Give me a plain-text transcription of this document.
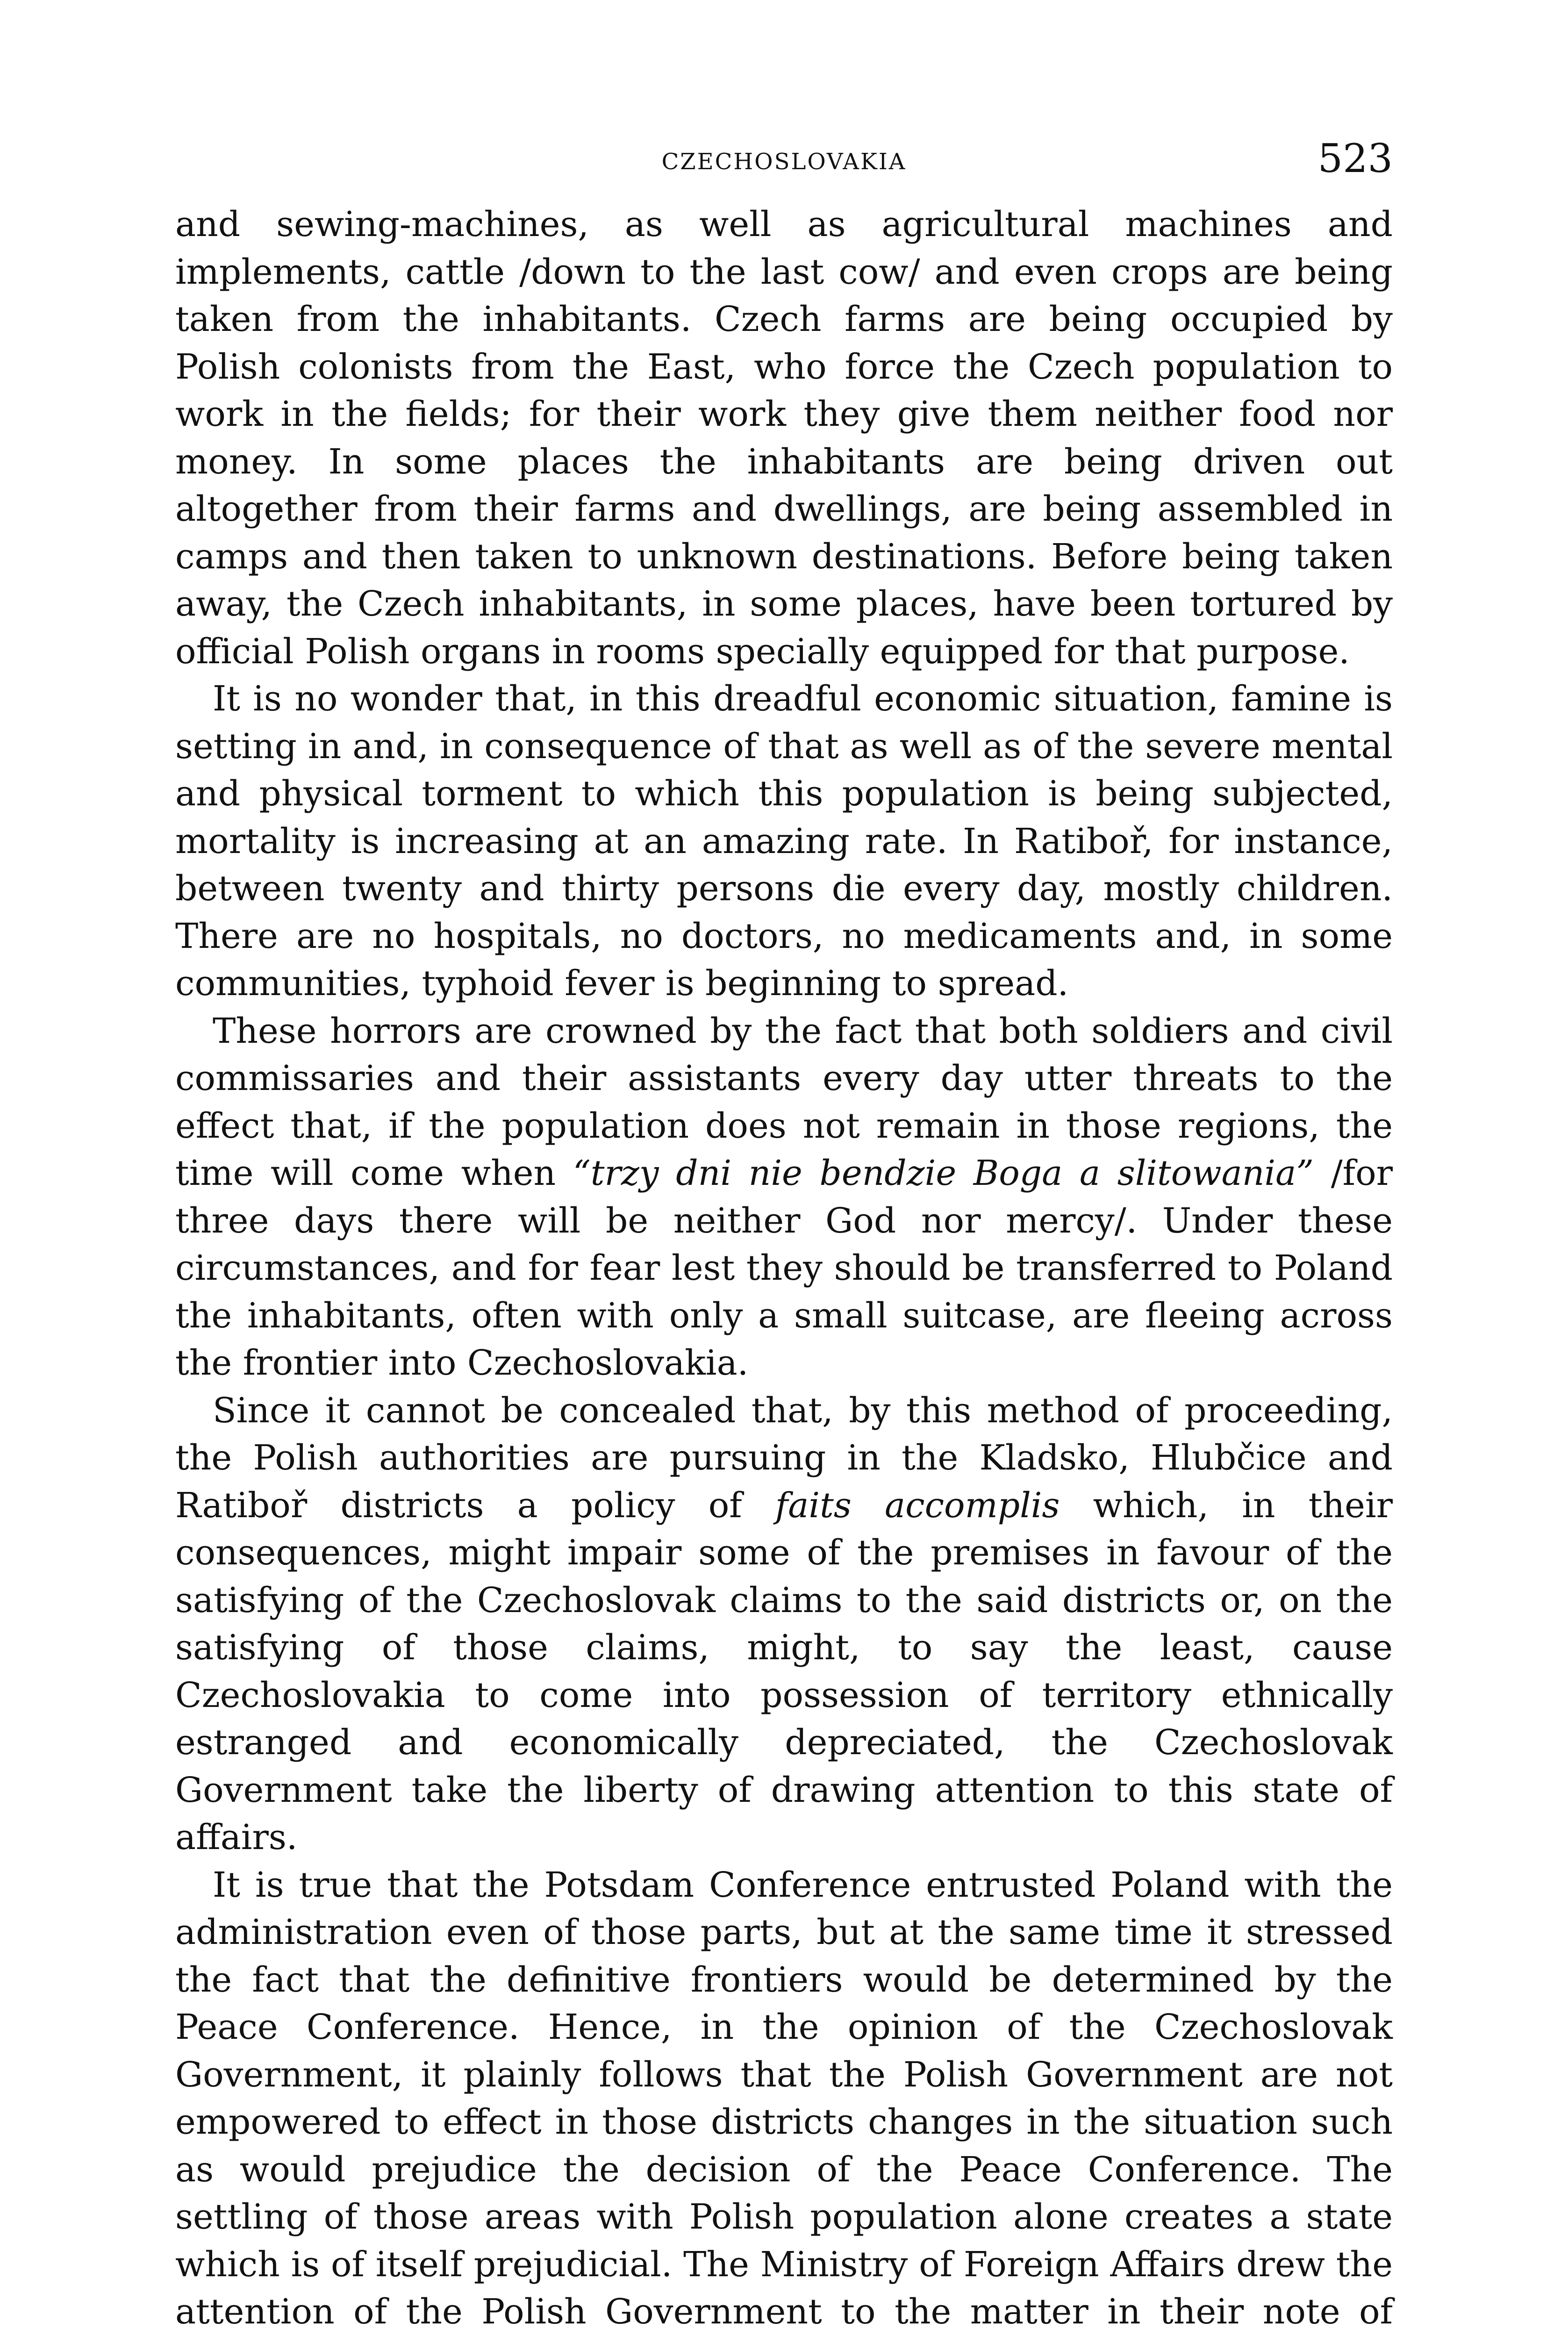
CZECHOSLOVAKIA	523

and sewing-machines, as well as agricultural machines and implements, cattle /down to the last cow/ and even crops are being taken from the inhabitants. Czech farms are being occupied by Polish colonists from the East, who force the Czech population to work in the fields; for their work they give them neither food nor money. In some places the inhabitants are being driven out altogether from their farms and dwellings, are being assembled in camps and then taken to unknown destinations. Before being taken away, the Czech inhabitants, in some places, have been tortured by official Polish organs in rooms specially equipped for that purpose.

It is no wonder that, in this dreadful economic situation, famine is setting in and, in consequence of that as well as of the severe mental and physical torment to which this population is being subjected, mortality is increasing at an amazing rate. In Ratiboř, for instance, between twenty and thirty persons die every day, mostly children. There are no hospitals, no doctors, no medicaments and, in some communities, typhoid fever is beginning to spread.

These horrors are crowned by the fact that both soldiers and civil commissaries and their assistants every day utter threats to the effect that, if the population does not remain in those regions, the time will come when “trzy dni nie bendzie Boga a slitowania” /for three days there will be neither God nor mercy/. Under these circumstances, and for fear lest they should be transferred to Poland the inhabitants, often with only a small suitcase, are fleeing across the frontier into Czechoslovakia.

Since it cannot be concealed that, by this method of proceeding, the Polish authorities are pursuing in the Kladsko, Hlubčice and Ratiboř districts a policy of faits accomplis which, in their consequences, might impair some of the premises in favour of the satisfying of the Czechoslovak claims to the said districts or, on the satisfying of those claims, might, to say the least, cause Czechoslovakia to come into possession of territory ethnically estranged and economically depreciated, the Czechoslovak Government take the liberty of drawing attention to this state of affairs.

It is true that the Potsdam Conference entrusted Poland with the administration even of those parts, but at the same time it stressed the fact that the definitive frontiers would be determined by the Peace Conference. Hence, in the opinion of the Czechoslovak Government, it plainly follows that the Polish Government are not empowered to effect in those districts changes in the situation such as would prejudice the decision of the Peace Conference. The settling of those areas with Polish population alone creates a state which is of itself prejudicial. The Ministry of Foreign Affairs drew the attention of the Polish Government to the matter in their note of
